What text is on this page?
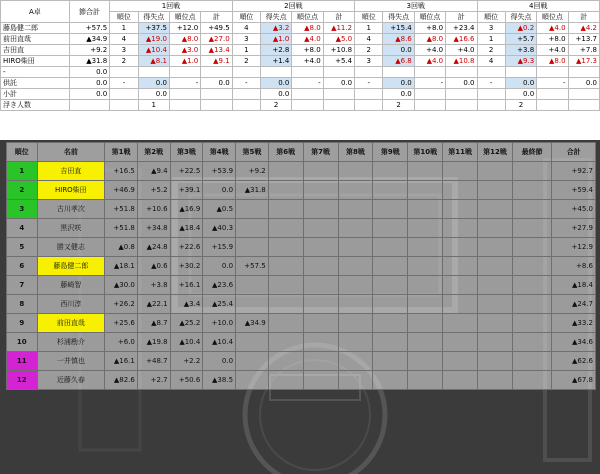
A卓	節合計	1回戦				2回戦				3回戦				4回戦			
		順位	得失点	順位点	計	順位	得失点	順位点	計	順位	得失点	順位点	計	順位	得失点	順位点	計
藤島健二郎	+57.5	1	+37.5	+12.0	+49.5	4	▲3.2	▲8.0	▲11.2	1	+15.4	+8.0	+23.4	3	▲0.2	▲4.0	▲4.2
前田直哉	▲34.9	4	▲19.0	▲8.0	▲27.0	3	▲1.0	▲4.0	▲5.0	4	▲8.6	▲8.0	▲16.6	1	+5.7	+8.0	+13.7
吉田直	+9.2	3	▲10.4	▲3.0	▲13.4	1	+2.8	+8.0	+10.8	2	0.0	+4.0	+4.0	2	+3.8	+4.0	+7.8
HIRO柴田	▲31.8	2	▲8.1	▲1.0	▲9.1	2	+1.4	+4.0	+5.4	3	▲6.8	▲4.0	▲10.8	4	▲9.3	▲8.0	▲17.3
-	0.0																
供託	0.0	-	0.0	-	0.0	-	0.0	-	0.0	-	0.0	-	0.0	-	0.0	-	0.0
小計	0.0		0.0				0.0				0.0				0.0		
浮き人数			1				2				2				2		
順位	名前	第1戦	第2戦	第3戦	第4戦	第5戦	第6戦	第7戦	第8戦	第9戦	第10戦	第11戦	第12戦	最終節	合計
1	吉田直	+16.5	▲9.4	+22.5	+53.9	+9.2									+92.7
2	HIRO柴田	+46.9	+5.2	+39.1	0.0	▲31.8									+59.4
3	古川孝次	+51.8	+10.6	▲16.9	▲0.5										+45.0
4	黒沢咲	+51.8	+34.8	▲18.4	▲40.3										+27.9
5	勝又健志	▲0.8	▲24.8	+22.6	+15.9										+12.9
6	藤島健二郎	▲18.1	▲0.6	+30.2	0.0	+57.5									+8.6
7	藤崎智	▲30.0	+3.8	+16.1	▲23.6										▲18.4
8	西川淳	+26.2	▲22.1	▲3.4	▲25.4										▲24.7
9	前田直哉	+25.6	▲8.7	▲25.2	+10.0	▲34.9									▲33.2
10	杉浦勘介	+6.0	▲19.8	▲10.4	▲10.4										▲34.6
11	一井慎也	▲16.1	+48.7	+2.2	0.0										▲62.6
12	近藤久春	▲82.6	+2.7	+50.6	▲38.5										▲67.8
